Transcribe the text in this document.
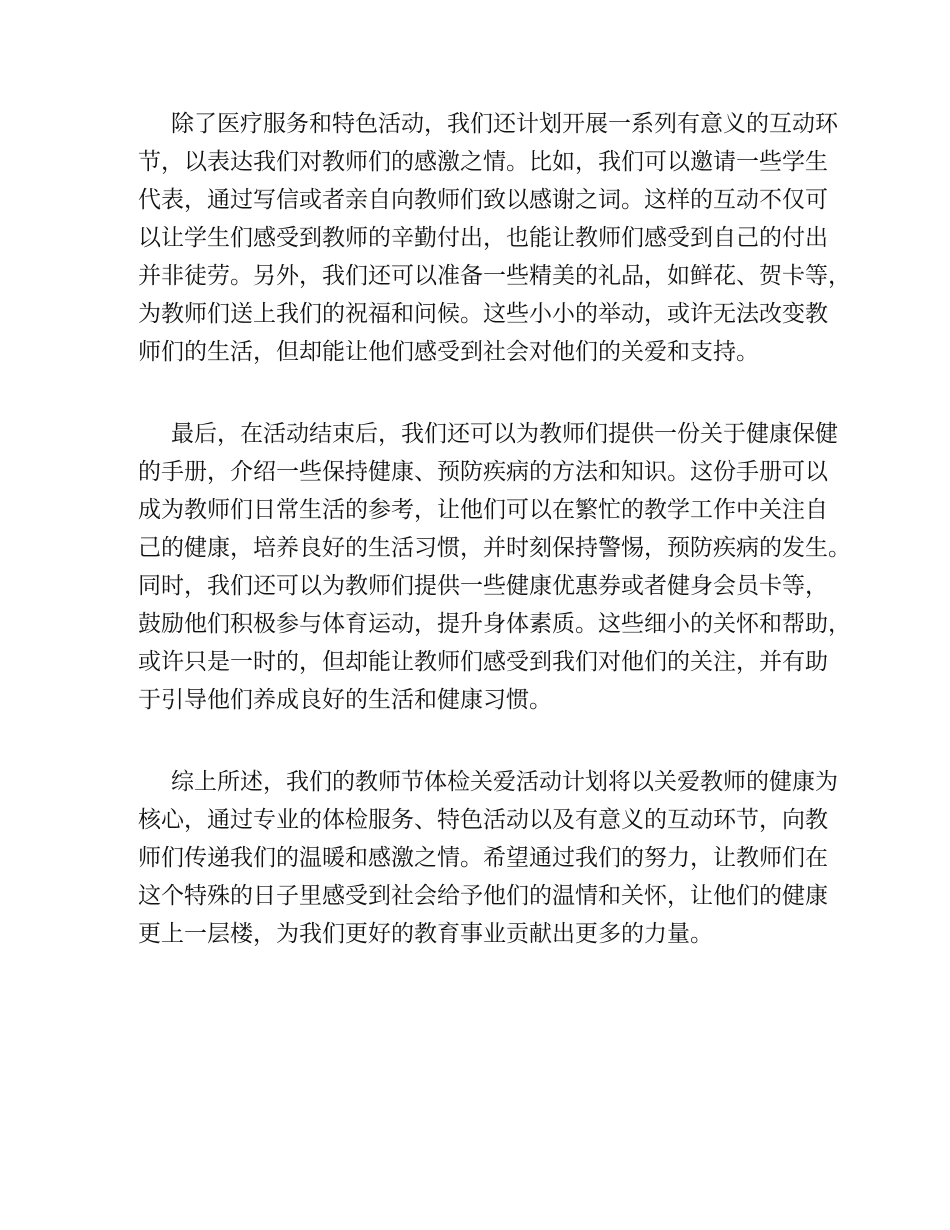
除了医疗服务和特色活动，我们还计划开展一系列有意义的互动环
节，以表达我们对教师们的感激之情。比如，我们可以邀请一些学生
代表，通过写信或者亲自向教师们致以感谢之词。这样的互动不仅可
以让学生们感受到教师的辛勤付出，也能让教师们感受到自己的付出
并非徒劳。另外，我们还可以准备一些精美的礼品，如鲜花、贺卡等，
为教师们送上我们的祝福和问候。这些小小的举动，或许无法改变教
师们的生活，但却能让他们感受到社会对他们的关爱和支持。
最后，在活动结束后，我们还可以为教师们提供一份关于健康保健
的手册，介绍一些保持健康、预防疾病的方法和知识。这份手册可以
成为教师们日常生活的参考，让他们可以在繁忙的教学工作中关注自
己的健康，培养良好的生活习惯，并时刻保持警惕，预防疾病的发生。
同时，我们还可以为教师们提供一些健康优惠券或者健身会员卡等，
鼓励他们积极参与体育运动，提升身体素质。这些细小的关怀和帮助，
或许只是一时的，但却能让教师们感受到我们对他们的关注，并有助
于引导他们养成良好的生活和健康习惯。
综上所述，我们的教师节体检关爱活动计划将以关爱教师的健康为
核心，通过专业的体检服务、特色活动以及有意义的互动环节，向教
师们传递我们的温暖和感激之情。希望通过我们的努力，让教师们在
这个特殊的日子里感受到社会给予他们的温情和关怀，让他们的健康
更上一层楼，为我们更好的教育事业贡献出更多的力量。
